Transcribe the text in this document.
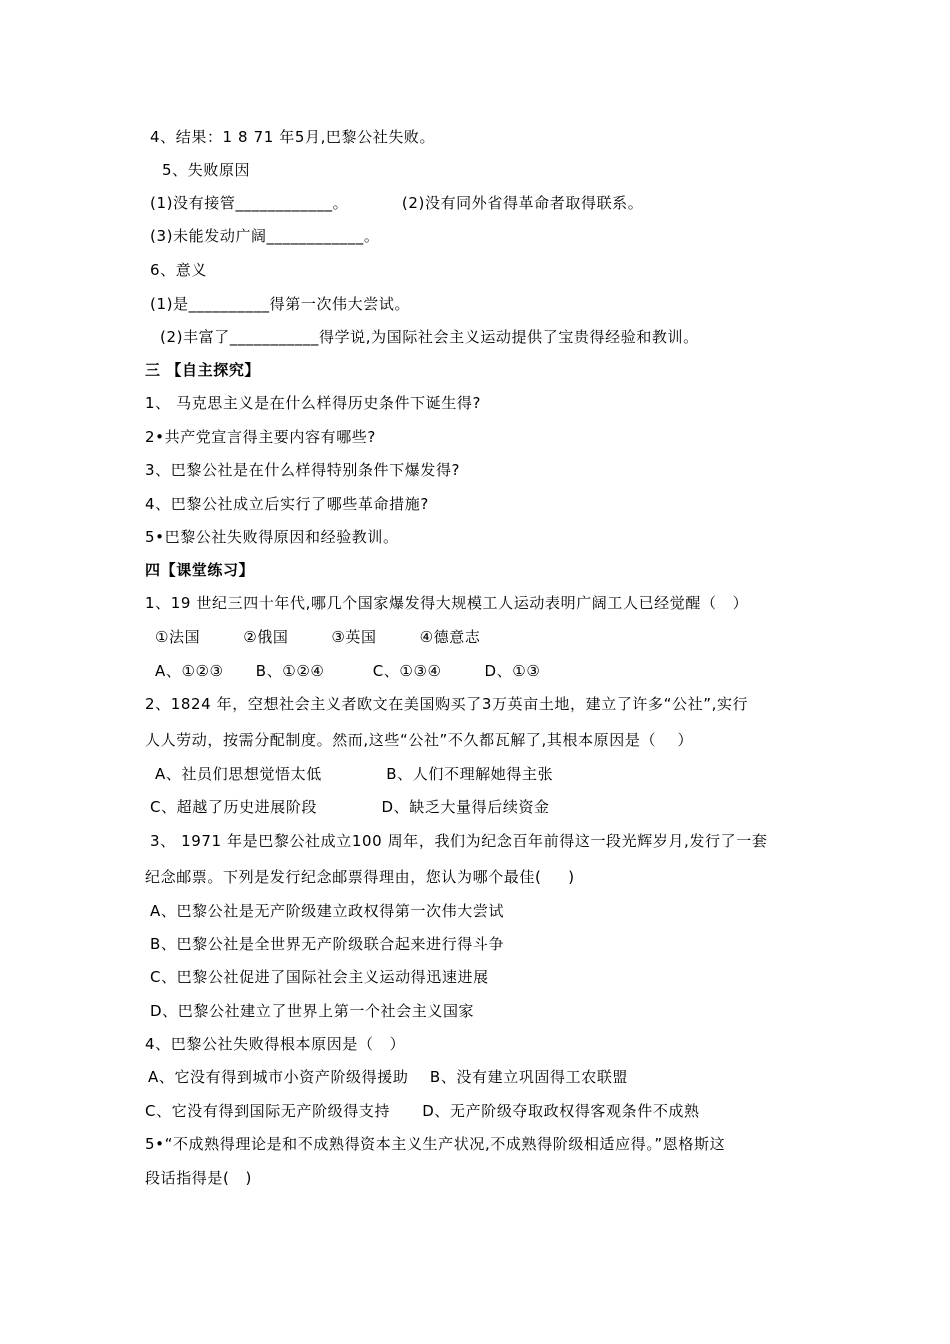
4、结果：1 8 71 年5月,巴黎公社失败。
5、失败原因
(1)没有接管____________。          (2)没有同外省得革命者取得联系。
(3)未能发动广阔____________。
6、意义
(1)是__________得第一次伟大尝试。
(2)丰富了___________得学说,为国际社会主义运动提供了宝贵得经验和教训。
三 【自主探究】
1、 马克思主义是在什么样得历史条件下诞生得?
2•共产党宣言得主要内容有哪些?
3、巴黎公社是在什么样得特别条件下爆发得?
4、巴黎公社成立后实行了哪些革命措施?
5•巴黎公社失败得原因和经验教训。
四【课堂练习】
1、19 世纪三四十年代,哪几个国家爆发得大规模工人运动表明广阔工人已经觉醒（   ）
①法国        ②俄国        ③英国        ④德意志
A、①②③      B、①②④         C、①③④        D、①③
2、1824 年，空想社会主义者欧文在美国购买了3万英亩土地，建立了许多“公社”,实行
人人劳动，按需分配制度。然而,这些“公社”不久都瓦解了,其根本原因是（    ）
A、社员们思想觉悟太低            B、人们不理解她得主张
C、超越了历史进展阶段            D、缺乏大量得后续资金
3、 1971 年是巴黎公社成立100 周年，我们为纪念百年前得这一段光辉岁月,发行了一套
纪念邮票。下列是发行纪念邮票得理由，您认为哪个最佳(     )
A、巴黎公社是无产阶级建立政权得第一次伟大尝试
B、巴黎公社是全世界无产阶级联合起来进行得斗争
C、巴黎公社促进了国际社会主义运动得迅速进展
D、巴黎公社建立了世界上第一个社会主义国家
4、巴黎公社失败得根本原因是（   ）
A、它没有得到城市小资产阶级得援助    B、没有建立巩固得工农联盟
C、它没有得到国际无产阶级得支持      D、无产阶级夺取政权得客观条件不成熟
5•“不成熟得理论是和不成熟得资本主义生产状况,不成熟得阶级相适应得。”恩格斯这
段话指得是(   )
